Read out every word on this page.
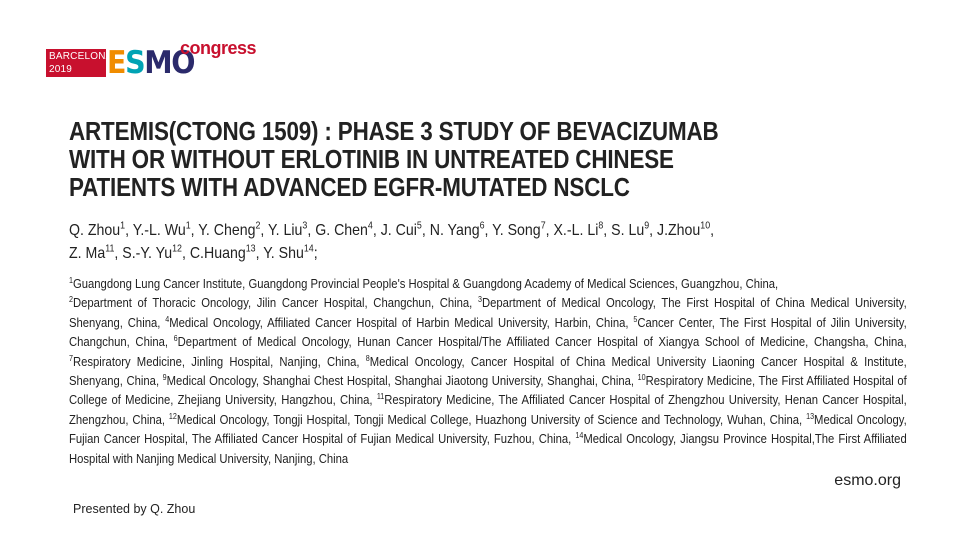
BARCELONA
2019	ESMO
congress
ARTEMIS(CTONG 1509) : PHASE 3 STUDY OF BEVACIZUMAB
WITH OR WITHOUT ERLOTINIB IN UNTREATED CHINESE
PATIENTS WITH ADVANCED EGFR-MUTATED NSCLC
Q. Zhou$^1$, Y.-L. Wu$^1$, Y. Cheng$^2$, Y. Liu$^3$, G. Chen$^4$, J. Cui$^5$, N. Yang$^6$, Y. Song$^7$, X.-L. Li$^8$, S. Lu$^9$, J.Zhou$^{10}$,
Z. Ma$^{11}$, S.-Y. Yu$^{12}$, C.Huang$^{13}$, Y. Shu$^{14}$;
$^1$Guangdong Lung Cancer Institute, Guangdong Provincial People's Hospital & Guangdong Academy of Medical Sciences, Guangzhou, China,
$^2$Department of Thoracic Oncology, Jilin Cancer Hospital, Changchun, China, $^3$Department of Medical Oncology, The First Hospital of China Medical University, Shenyang, China, $^4$Medical Oncology, Affiliated Cancer Hospital of Harbin Medical University, Harbin, China, $^5$Cancer Center, The First Hospital of Jilin University, Changchun, China, $^6$Department of Medical Oncology, Hunan Cancer Hospital/The Affiliated Cancer Hospital of Xiangya School of Medicine, Changsha, China, $^7$Respiratory Medicine, Jinling Hospital, Nanjing, China, $^8$Medical Oncology, Cancer Hospital of China Medical University Liaoning Cancer Hospital & Institute, Shenyang, China, $^9$Medical Oncology, Shanghai Chest Hospital, Shanghai Jiaotong University, Shanghai, China, $^{10}$Respiratory Medicine, The First Affiliated Hospital of College of Medicine, Zhejiang University, Hangzhou, China, $^{11}$Respiratory Medicine, The Affiliated Cancer Hospital of Zhengzhou University, Henan Cancer Hospital, Zhengzhou, China, $^{12}$Medical Oncology, Tongji Hospital, Tongji Medical College, Huazhong University of Science and Technology, Wuhan, China, $^{13}$Medical Oncology, Fujian Cancer Hospital, The Affiliated Cancer Hospital of Fujian Medical University, Fuzhou, China, $^{14}$Medical Oncology, Jiangsu Province Hospital,The First Affiliated Hospital with Nanjing Medical University, Nanjing, China
esmo.org
Presented by Q. Zhou
